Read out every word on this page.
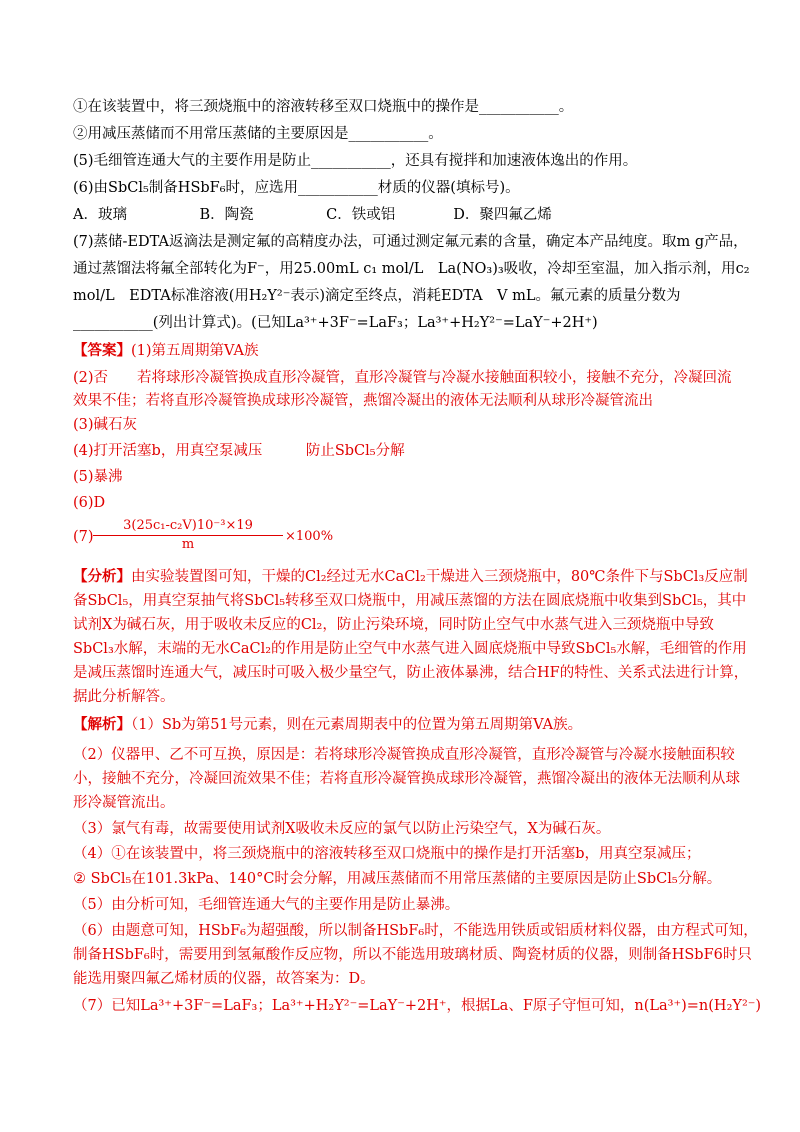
①在该装置中，将三颈烧瓶中的溶液转移至双口烧瓶中的操作是___________。
②用减压蒸储而不用常压蒸储的主要原因是___________。
(5)毛细管连通大气的主要作用是防止___________，还具有搅拌和加速液体逸出的作用。
(6)由SbCl₅制备HSbF₆时，应选用___________材质的仪器(填标号)。
A．玻璃　　　　　B．陶瓷　　　　　C．铁或铝　　　　D．聚四氟乙烯
(7)蒸储-EDTA返滴法是测定氟的高精度办法，可通过测定氟元素的含量，确定本产品纯度。取m g产品，
通过蒸馏法将氟全部转化为F⁻，用25.00mL c₁ mol/L　La(NO₃)₃吸收，冷却至室温，加入指示剂，用c₂
mol/L　EDTA标准溶液(用H₂Y²⁻表示)滴定至终点，消耗EDTA　V mL。氟元素的质量分数为
___________(列出计算式)。(已知La³⁺+3F⁻=LaF₃；La³⁺+H₂Y²⁻=LaY⁻+2H⁺)
【答案】(1)第五周期第VA族
(2)否　　若将球形冷凝管换成直形冷凝管，直形冷凝管与冷凝水接触面积较小，接触不充分，冷凝回流
效果不佳；若将直形冷凝管换成球形冷凝管，燕馏冷凝出的液体无法顺利从球形冷凝管流出
(3)碱石灰
(4)打开活塞b，用真空泵减压　　　防止SbCl₅分解
(5)暴沸
(6)D
$(7) \frac{\text{3(25c₁-c₂V)10⁻³×19}}{m} \times 100\%$
【分析】由实验装置图可知，干燥的Cl₂经过无水CaCl₂干燥进入三颈烧瓶中，80℃条件下与SbCl₃反应制
备SbCl₅，用真空泵抽气将SbCl₅转移至双口烧瓶中，用减压蒸馏的方法在圆底烧瓶中收集到SbCl₅，其中
试剂X为碱石灰，用于吸收未反应的Cl₂，防止污染环境，同时防止空气中水蒸气进入三颈烧瓶中导致
SbCl₃水解，末端的无水CaCl₂的作用是防止空气中水蒸气进入圆底烧瓶中导致SbCl₅水解，毛细管的作用
是减压蒸馏时连通大气，减压时可吸入极少量空气，防止液体暴沸，结合HF的特性、关系式法进行计算，
据此分析解答。
【解析】（1）Sb为第51号元素，则在元素周期表中的位置为第五周期第VA族。
（2）仪器甲、乙不可互换，原因是：若将球形冷凝管换成直形冷凝管，直形冷凝管与冷凝水接触面积较
小，接触不充分，冷凝回流效果不佳；若将直形冷凝管换成球形冷凝管，燕馏冷凝出的液体无法顺利从球
形冷凝管流出。
（3）氯气有毒，故需要使用试剂X吸收未反应的氯气以防止污染空气，X为碱石灰。
（4）①在该装置中，将三颈烧瓶中的溶液转移至双口烧瓶中的操作是打开活塞b，用真空泵减压；
② SbCl₅在101.3kPa、140°C时会分解，用减压蒸储而不用常压蒸储的主要原因是防止SbCl₅分解。
（5）由分析可知，毛细管连通大气的主要作用是防止暴沸。
（6）由题意可知，HSbF₆为超强酸，所以制备HSbF₆时，不能选用铁质或铝质材料仪器，由方程式可知，
制备HSbF₆时，需要用到氢氟酸作反应物，所以不能选用玻璃材质、陶瓷材质的仪器，则制备HSbF6时只
能选用聚四氟乙烯材质的仪器，故答案为：D。
（7）已知La³⁺+3F⁻=LaF₃；La³⁺+H₂Y²⁻=LaY⁻+2H⁺，根据La、F原子守恒可知，n(La³⁺)=n(H₂Y²⁻)
